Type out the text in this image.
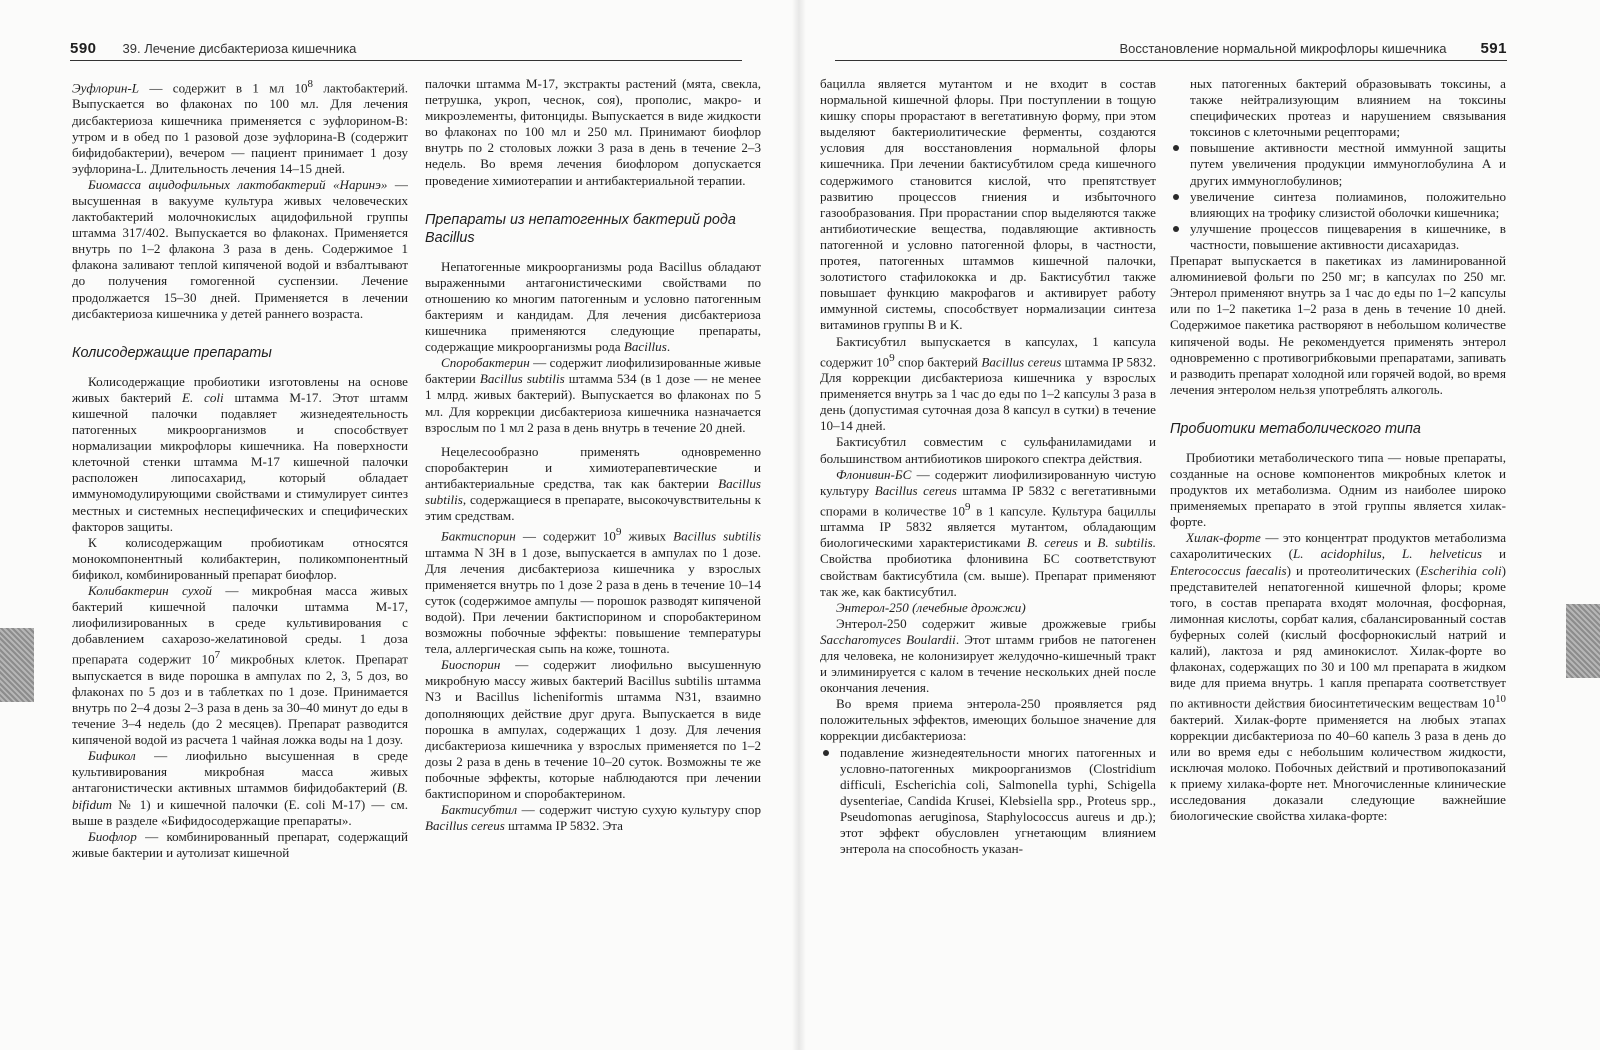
590 39. Лечение дисбактериоза кишечника	Восстановление нормальной микрофлоры кишечника 591

Эуфлорин-L — содержит в 1 мл $10^8$ лактобактерий. Выпускается во флаконах по 100 мл. Для лечения дисбактериоза кишечника применяется с эуфлорином-B: утром и в обед по 1 разовой дозе эуфлорина-B (содержит бифидобактерии), вечером — пациент принимает 1 дозу эуфлорина-L. Длительность лечения 14–15 дней.

Биомасса ацидофильных лактобактерий «Наринэ» — высушенная в вакууме культура живых человеческих лактобактерий молочнокислых ацидофильной группы штамма 317/402. Выпускается во флаконах. Применяется внутрь по 1–2 флакона 3 раза в день. Содержимое 1 флакона заливают теплой кипяченой водой и взбалтывают до получения гомогенной суспензии. Лечение продолжается 15–30 дней. Применяется в лечении дисбактериоза кишечника у детей раннего возраста.

Колисодержащие препараты

Колисодержащие пробиотики изготовлены на основе живых бактерий E. coli штамма М-17. Этот штамм кишечной палочки подавляет жизнедеятельность патогенных микроорганизмов и способствует нормализации микрофлоры кишечника. На поверхности клеточной стенки штамма М-17 кишечной палочки расположен липосахарид, который обладает иммуномодулирующими свойствами и стимулирует синтез местных и системных неспецифических и специфических факторов защиты.

К колисодержащим пробиотикам относятся монокомпонентный колибактерин, поликомпонентный бификол, комбинированный препарат биофлор.

Колибактерин сухой — микробная масса живых бактерий кишечной палочки штамма М-17, лиофилизированных в среде культивирования с добавлением сахарозо-желатиновой среды. 1 доза препарата содержит $10^7$ микробных клеток. Препарат выпускается в виде порошка в ампулах по 2, 3, 5 доз, во флаконах по 5 доз и в таблетках по 1 дозе. Принимается внутрь по 2–4 дозы 2–3 раза в день за 30–40 минут до еды в течение 3–4 недель (до 2 месяцев). Препарат разводится кипяченой водой из расчета 1 чайная ложка воды на 1 дозу.

Бификол — лиофильно высушенная в среде культивирования микробная масса живых антагонистически активных штаммов бифидобактерий (B. bifidum № 1) и кишечной палочки (E. coli M-17) — см. выше в разделе «Бифидосодержащие препараты».

Биофлор — комбинированный препарат, содержащий живые бактерии и аутолизат кишечной

палочки штамма М-17, экстракты растений (мята, свекла, петрушка, укроп, чеснок, соя), прополис, макро- и микроэлементы, фитонциды. Выпускается в виде жидкости во флаконах по 100 мл и 250 мл. Принимают биофлор внутрь по 2 столовых ложки 3 раза в день в течение 2–3 недель. Во время лечения биофлором допускается проведение химиотерапии и антибактериальной терапии.

Препараты из непатогенных бактерий рода Bacillus

Непатогенные микроорганизмы рода Bacillus обладают выраженными антагонистическими свойствами по отношению ко многим патогенным и условно патогенным бактериям и кандидам. Для лечения дисбактериоза кишечника применяются следующие препараты, содержащие микроорганизмы рода Bacillus.

Споробактерин — содержит лиофилизированные живые бактерии Bacillus subtilis штамма 534 (в 1 дозе — не менее 1 млрд. живых бактерий). Выпускается во флаконах по 5 мл. Для коррекции дисбактериоза кишечника назначается взрослым по 1 мл 2 раза в день внутрь в течение 20 дней.

Нецелесообразно применять одновременно споробактерин и химиотерапевтические и антибактериальные средства, так как бактерии Bacillus subtilis, содержащиеся в препарате, высокочувствительны к этим средствам.

Бактиспорин — содержит $10^9$ живых Bacillus subtilis штамма N 3H в 1 дозе, выпускается в ампулах по 1 дозе. Для лечения дисбактериоза кишечника у взрослых применяется внутрь по 1 дозе 2 раза в день в течение 10–14 суток (содержимое ампулы — порошок разводят кипяченой водой). При лечении бактиспорином и споробактерином возможны побочные эффекты: повышение температуры тела, аллергическая сыпь на коже, тошнота.

Биоспорин — содержит лиофильно высушенную микробную массу живых бактерий Bacillus subtilis штамма N3 и Bacillus licheniformis штамма N31, взаимно дополняющих действие друг друга. Выпускается в виде порошка в ампулах, содержащих 1 дозу. Для лечения дисбактериоза кишечника у взрослых применяется по 1–2 дозы 2 раза в день в течение 10–20 суток. Возможны те же побочные эффекты, которые наблюдаются при лечении бактиспорином и споробактерином.

Бактисубтил — содержит чистую сухую культуру спор Bacillus cereus штамма IP 5832. Эта

бацилла является мутантом и не входит в состав нормальной кишечной флоры. При поступлении в тощую кишку споры прорастают в вегетативную форму, при этом выделяют бактериолитические ферменты, создаются условия для восстановления нормальной флоры кишечника. При лечении бактисубтилом среда кишечного содержимого становится кислой, что препятствует развитию процессов гниения и избыточного газообразования. При прорастании спор выделяются также антибиотические вещества, подавляющие активность патогенной и условно патогенной флоры, в частности, протея, патогенных штаммов кишечной палочки, золотистого стафилококка и др. Бактисубтил также повышает функцию макрофагов и активирует работу иммунной системы, способствует нормализации синтеза витаминов группы B и K.

Бактисубтил выпускается в капсулах, 1 капсула содержит $10^9$ спор бактерий Bacillus cereus штамма IP 5832. Для коррекции дисбактериоза кишечника у взрослых применяется внутрь за 1 час до еды по 1–2 капсулы 3 раза в день (допустимая суточная доза 8 капсул в сутки) в течение 10–14 дней.

Бактисубтил совместим с сульфаниламидами и большинством антибиотиков широкого спектра действия.

Флонивин-БС — содержит лиофилизированную чистую культуру Bacillus cereus штамма IP 5832 с вегетативными спорами в количестве $10^9$ в 1 капсуле. Культура бациллы штамма IP 5832 является мутантом, обладающим биологическими характеристиками B. cereus и B. subtilis. Свойства пробиотика флонивина БС соответствуют свойствам бактисубтила (см. выше). Препарат применяют так же, как бактисубтил.

Энтерол-250 (лечебные дрожжи)

Энтерол-250 содержит живые дрожжевые грибы Saccharomyces Boulardii. Этот штамм грибов не патогенен для человека, не колонизирует желудочно-кишечный тракт и элиминируется с калом в течение нескольких дней после окончания лечения.

Во время приема энтерола-250 проявляется ряд положительных эффектов, имеющих большое значение для коррекции дисбактериоза:

подавление жизнедеятельности многих патогенных и условно-патогенных микроорганизмов (Clostridium difficuli, Escherichia coli, Salmonella typhi, Schigella dysenteriae, Candida Krusei, Klebsiella spp., Proteus spp., Pseudomonas aeruginosa, Staphylococcus aureus и др.); этот эффект обусловлен угнетающим влиянием энтерола на способность указан-
ных патогенных бактерий образовывать токсины, а также нейтрализующим влиянием на токсины специфических протеаз и нарушением связывания токсинов с клеточными рецепторами;
повышение активности местной иммунной защиты путем увеличения продукции иммуноглобулина A и других иммуноглобулинов;
увеличение синтеза полиаминов, положительно влияющих на трофику слизистой оболочки кишечника;
улучшение процессов пищеварения в кишечнике, в частности, повышение активности дисахаридаз.

Препарат выпускается в пакетиках из ламинированной алюминиевой фольги по 250 мг; в капсулах по 250 мг. Энтерол применяют внутрь за 1 час до еды по 1–2 капсулы или по 1–2 пакетика 1–2 раза в день в течение 10 дней. Содержимое пакетика растворяют в небольшом количестве кипяченой воды. Не рекомендуется применять энтерол одновременно с противогрибковыми препаратами, запивать и разводить препарат холодной или горячей водой, во время лечения энтеролом нельзя употреблять алкоголь.

Пробиотики метаболического типа

Пробиотики метаболического типа — новые препараты, созданные на основе компонентов микробных клеток и продуктов их метаболизма. Одним из наиболее широко применяемых препарато в этой группы является хилак-форте.

Хилак-форте — это концентрат продуктов метаболизма сахаролитических (L. acidophilus, L. helveticus и Enterococcus faecalis) и протеолитических (Escherihia coli) представителей непатогенной кишечной флоры; кроме того, в состав препарата входят молочная, фосфорная, лимонная кислоты, сорбат калия, сбалансированный состав буферных солей (кислый фосфорнокислый натрий и калий), лактоза и ряд аминокислот. Хилак-форте во флаконах, содержащих по 30 и 100 мл препарата в жидком виде для приема внутрь. 1 капля препарата соответствует по активности действия биосинтетическим веществам $10^{10}$ бактерий. Хилак-форте применяется на любых этапах коррекции дисбактериоза по 40–60 капель 3 раза в день до или во время еды с небольшим количеством жидкости, исключая молоко. Побочных действий и противопоказаний к приему хилака-форте нет. Многочисленные клинические исследования доказали следующие важнейшие биологические свойства хилака-форте:
